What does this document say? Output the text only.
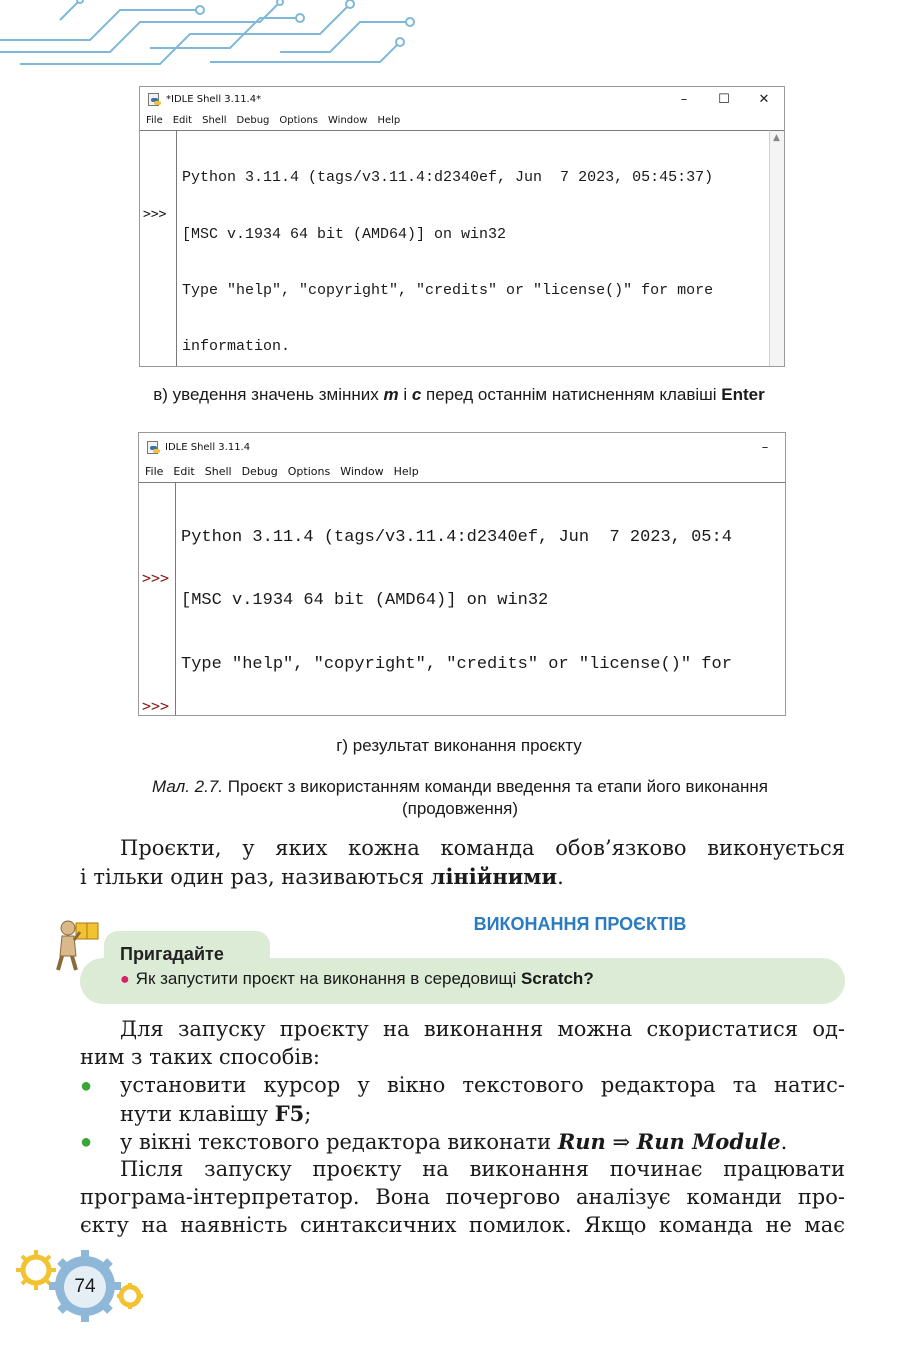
*IDLE Shell 3.11.4*	–	☐	✕
File Edit Shell Debug Options Window Help

>>>

Python 3.11.4 (tags/v3.11.4:d2340ef, Jun  7 2023, 05:45:37)

[MSC v.1934 64 bit (AMD64)] on win32

Type "help", "copyright", "credits" or "license()" for more

information.

▲
в) уведення значень змінних m і c перед останнім натисненням клавіші Enter
IDLE Shell 3.11.4	–
File Edit Shell Debug Options Window Help

>>>

>>>

Python 3.11.4 (tags/v3.11.4:d2340ef, Jun  7 2023, 05:4

[MSC v.1934 64 bit (AMD64)] on win32

Type "help", "copyright", "credits" or "license()" for

г) результат виконання проєкту
Мал. 2.7. Проєкт з використанням команди введення та етапи його виконання
(продовження)
Проєкти, у яких кожна команда обов’язково виконується
і тільки один раз, називаються лінійними.
ВИКОНАННЯ ПРОЄКТІВ
Пригадайте
● Як запустити проєкт на виконання в середовищі Scratch?
Для запуску проєкту на виконання можна скористатися од-
ним з таких способів:
● установити курсор у вікно текстового редактора та натис-
нути клавішу F5;
● у вікні текстового редактора виконати Run ⇒ Run Module.
Після запуску проєкту на виконання починає працювати
програма-інтерпретатор. Вона почергово аналізує команди про-
єкту на наявність синтаксичних помилок. Якщо команда не має
74
